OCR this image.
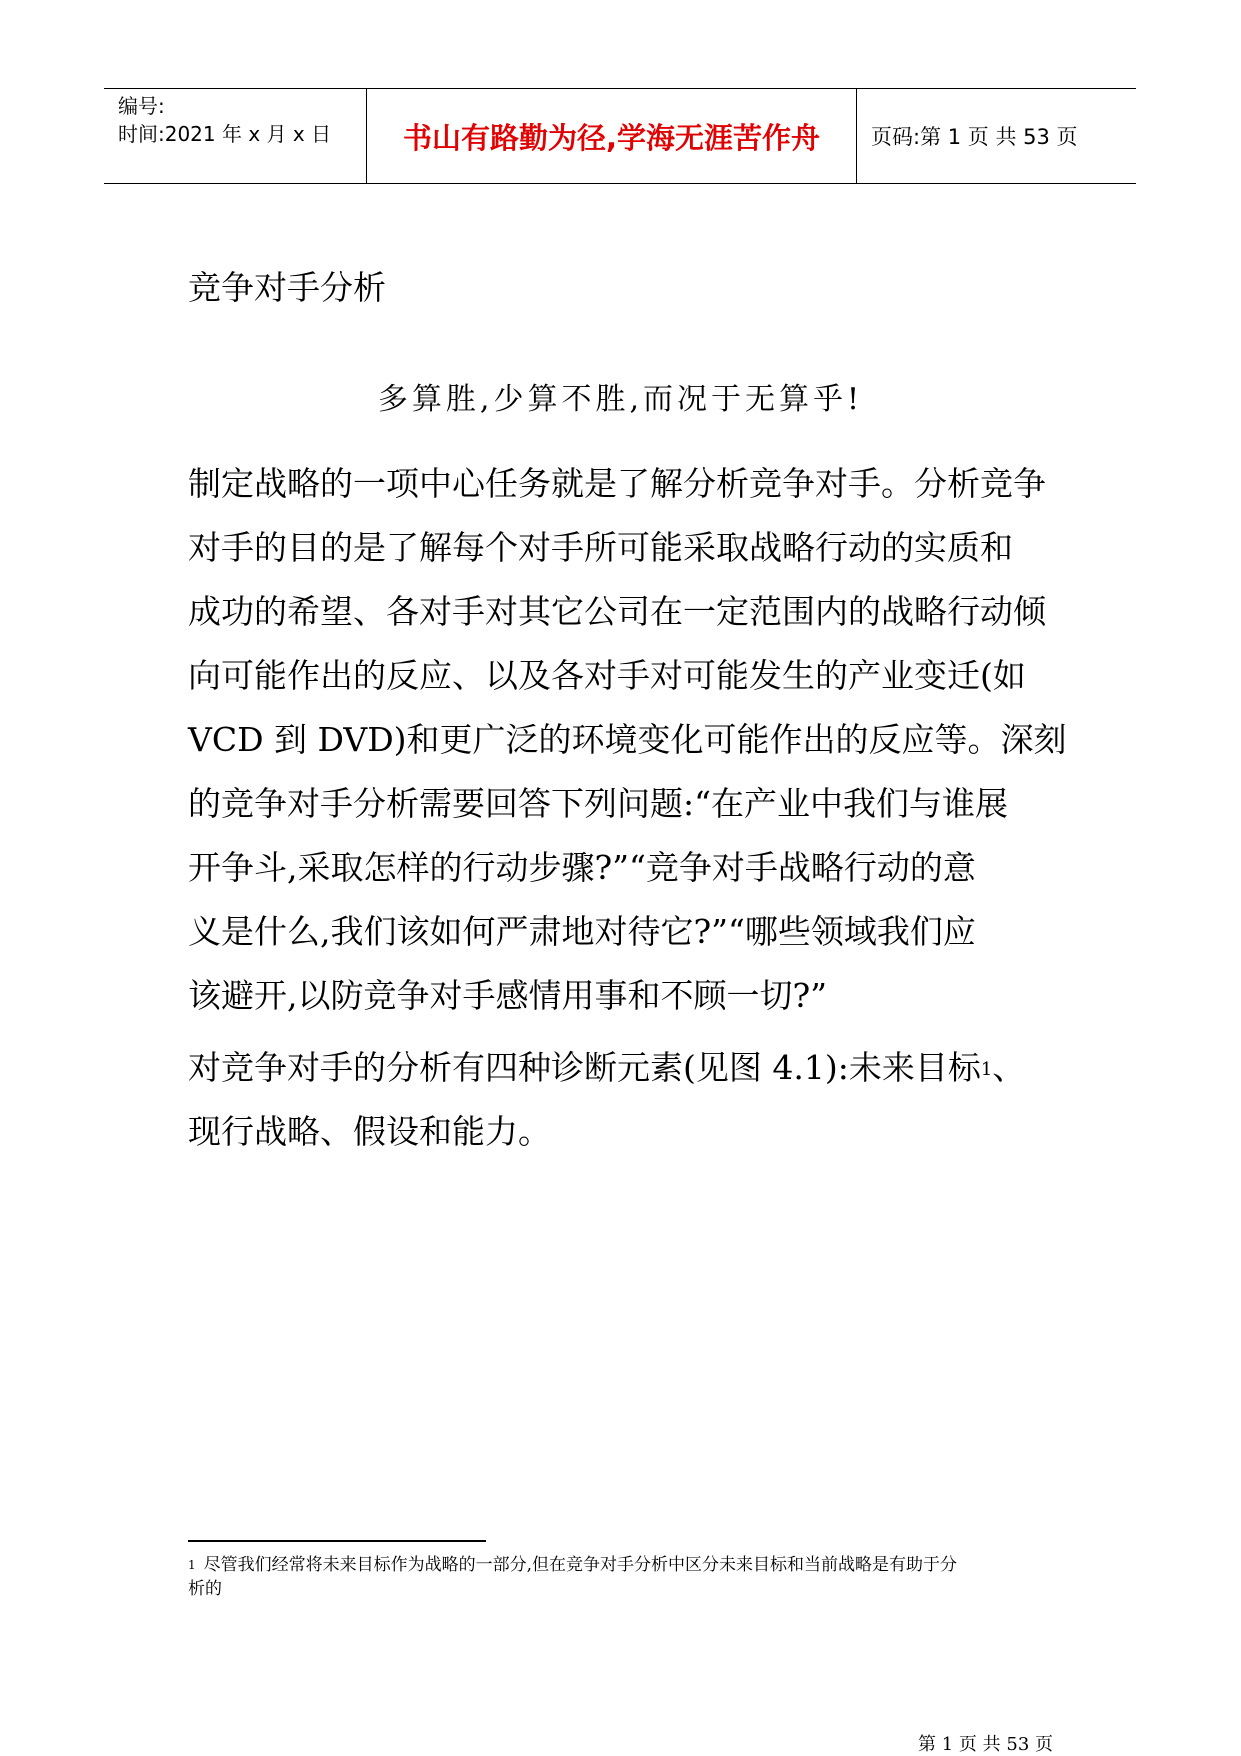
编号:
时间:2021 年 x 月 x 日 书山有路勤为径,学海无涯苦作舟 页码: 第 1 页 共 53 页
竞争对手分析
多算胜,少算不胜,而况于无算乎!
制定战略的一项中心任务就是了解分析竞争对手。分析竞争
对手的目的是了解每个对手所可能采取战略行动的实质和
成功的希望、各对手对其它公司在一定范围内的战略行动倾
向可能作出的反应、以及各对手对可能发生的产业变迁(如
VCD 到 DVD)和更广泛的环境变化可能作出的反应等。深刻
的竞争对手分析需要回答下列问题:“在产业中我们与谁展
开争斗,采取怎样的行动步骤?”“竞争对手战略行动的意
义是什么,我们该如何严肃地对待它?”“哪些领域我们应
该避开,以防竞争对手感情用事和不顾一切?”
对竞争对手的分析有四种诊断元素(见图 4.1):未来目标$^1$、
现行战略、假设和能力。
$^1$ 尽管我们经常将未来目标作为战略的一部分,但在竞争对手分析中区分未来目标和当前战略是有助于分
析的
第 1 页 共 53 页
